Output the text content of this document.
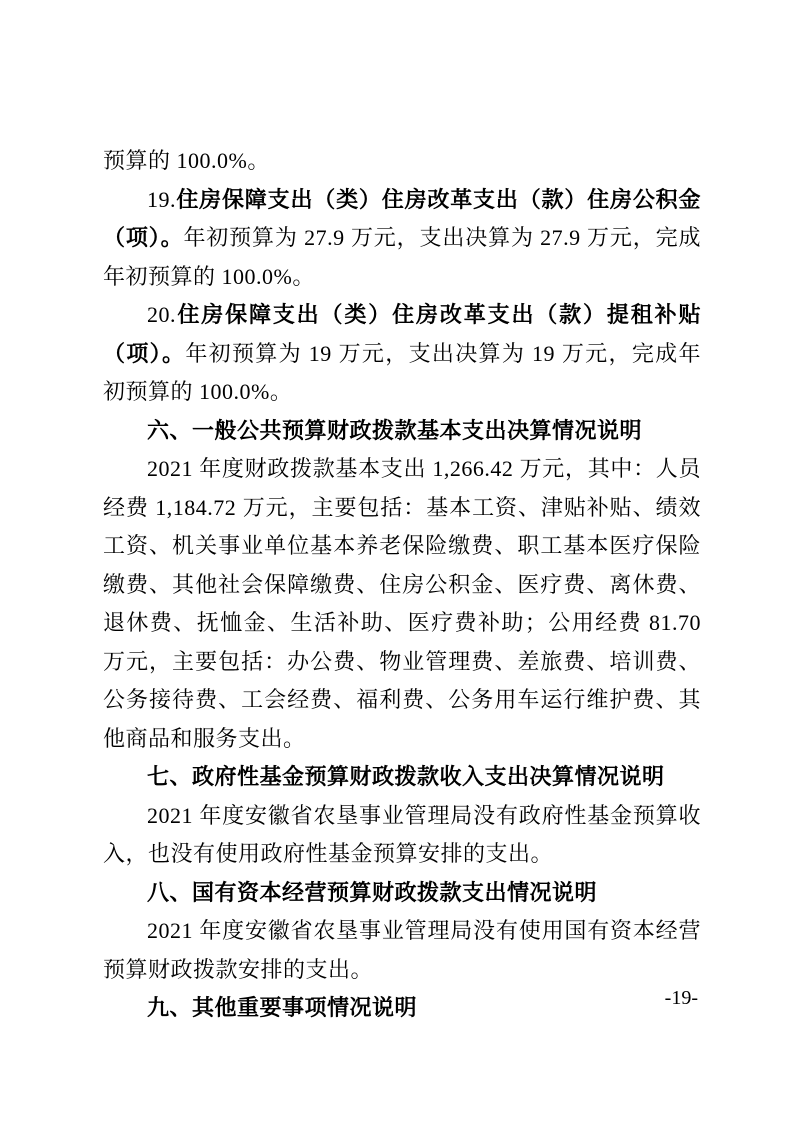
预算的 100.0%。

19.住房保障支出（类）住房改革支出（款）住房公积金（项）。年初预算为 27.9 万元，支出决算为 27.9 万元，完成年初预算的 100.0%。

20.住房保障支出（类）住房改革支出（款）提租补贴（项）。年初预算为 19 万元，支出决算为 19 万元，完成年初预算的 100.0%。

六、一般公共预算财政拨款基本支出决算情况说明

2021 年度财政拨款基本支出 1,266.42 万元，其中：人员经费 1,184.72 万元，主要包括：基本工资、津贴补贴、绩效工资、机关事业单位基本养老保险缴费、职工基本医疗保险缴费、其他社会保障缴费、住房公积金、医疗费、离休费、退休费、抚恤金、生活补助、医疗费补助；公用经费 81.70 万元，主要包括：办公费、物业管理费、差旅费、培训费、公务接待费、工会经费、福利费、公务用车运行维护费、其他商品和服务支出。

七、政府性基金预算财政拨款收入支出决算情况说明

2021 年度安徽省农垦事业管理局没有政府性基金预算收入，也没有使用政府性基金预算安排的支出。

八、国有资本经营预算财政拨款支出情况说明

2021 年度安徽省农垦事业管理局没有使用国有资本经营预算财政拨款安排的支出。

九、其他重要事项情况说明	-19-
